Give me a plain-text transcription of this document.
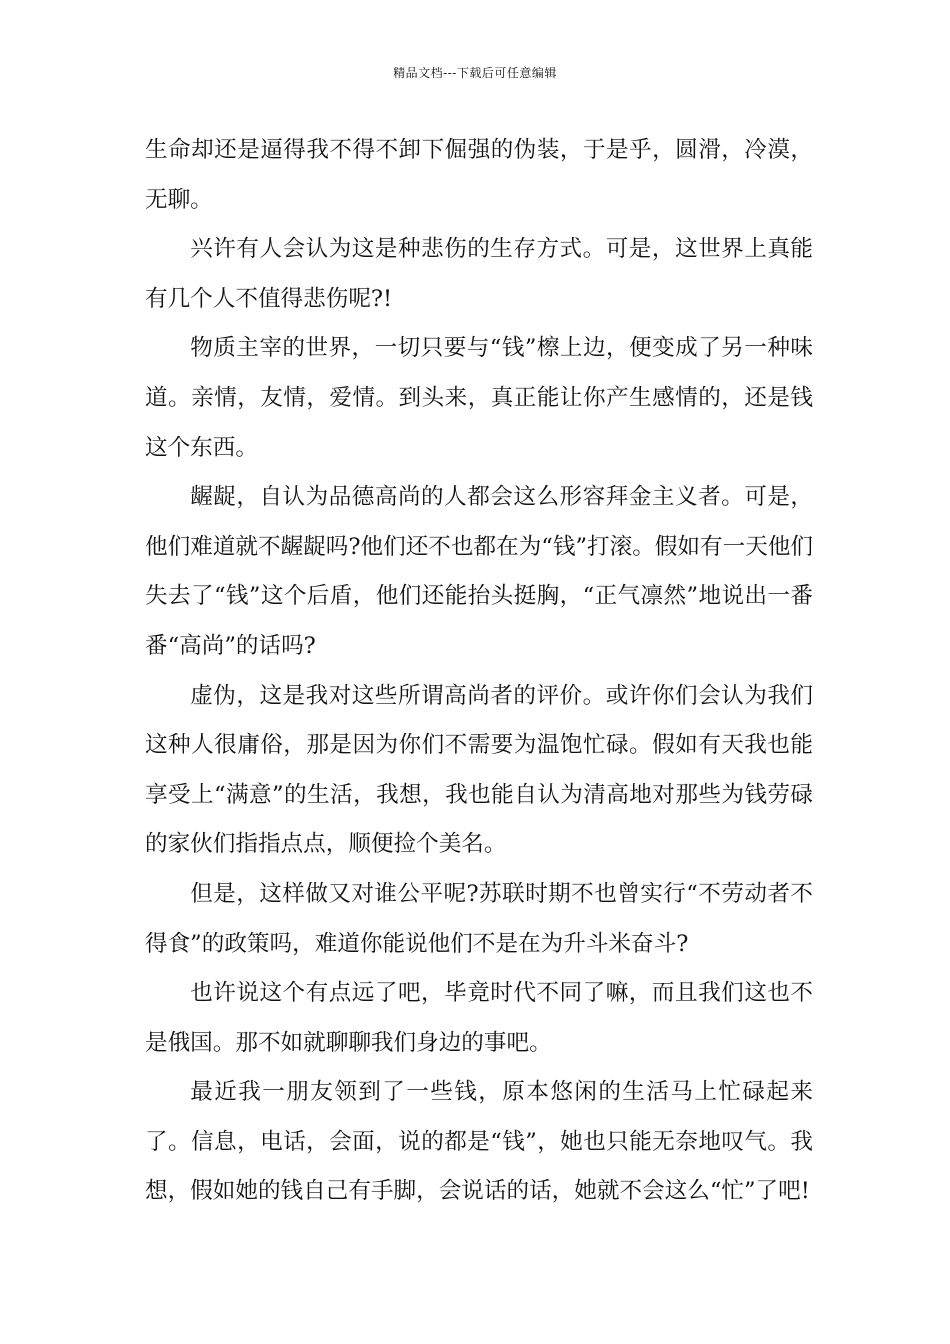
精品文档---下载后可任意编辑

生命却还是逼得我不得不卸下倔强的伪装，于是乎，圆滑，冷漠，无聊。

兴许有人会认为这是种悲伤的生存方式。可是，这世界上真能有几个人不值得悲伤呢?!

物质主宰的世界，一切只要与“钱”檫上边，便变成了另一种味道。亲情，友情，爱情。到头来，真正能让你产生感情的，还是钱这个东西。

龌龊，自认为品德高尚的人都会这么形容拜金主义者。可是，他们难道就不龌龊吗?他们还不也都在为“钱”打滚。假如有一天他们失去了“钱”这个后盾，他们还能抬头挺胸，“正气凛然”地说出一番番“高尚”的话吗?

虚伪，这是我对这些所谓高尚者的评价。或许你们会认为我们这种人很庸俗，那是因为你们不需要为温饱忙碌。假如有天我也能享受上“满意”的生活，我想，我也能自认为清高地对那些为钱劳碌的家伙们指指点点，顺便捡个美名。

但是，这样做又对谁公平呢?苏联时期不也曾实行“不劳动者不得食”的政策吗，难道你能说他们不是在为升斗米奋斗?

也许说这个有点远了吧，毕竟时代不同了嘛，而且我们这也不是俄国。那不如就聊聊我们身边的事吧。

最近我一朋友领到了一些钱，原本悠闲的生活马上忙碌起来了。信息，电话，会面，说的都是“钱”，她也只能无奈地叹气。我想，假如她的钱自己有手脚，会说话的话，她就不会这么“忙”了吧!
